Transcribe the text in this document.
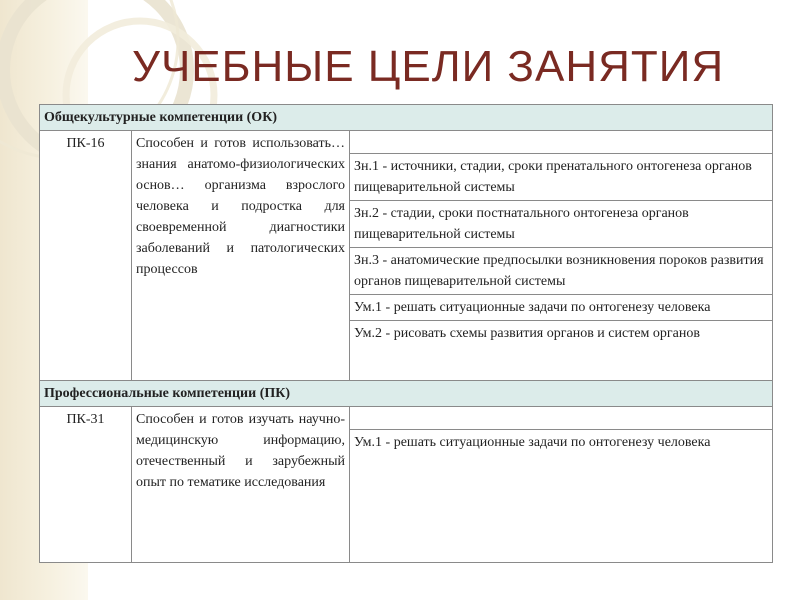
УЧЕБНЫЕ ЦЕЛИ ЗАНЯТИЯ
Общекультурные компетенции (ОК)		
ПК-16	Способен и готов использовать… знания анатомо-физиологических основ… организма взрослого человека и подростка для своевременной диагностики заболеваний и патологических процессов	
		Зн.1 - источники, стадии, сроки пренатального онтогенеза органов пищеварительной системы
		Зн.2 - стадии, сроки постнатального онтогенеза органов пищеварительной системы
		Зн.3 - анатомические предпосылки возникновения пороков развития органов пищеварительной системы
		Ум.1 - решать ситуационные задачи по онтогенезу человека
		Ум.2 - рисовать схемы развития органов и систем органов
Профессиональные компетенции (ПК)		
ПК-31	Способен и готов изучать научно-медицинскую информацию, отечественный и зарубежный опыт по тематике исследования	
		Ум.1 - решать ситуационные задачи по онтогенезу человека
